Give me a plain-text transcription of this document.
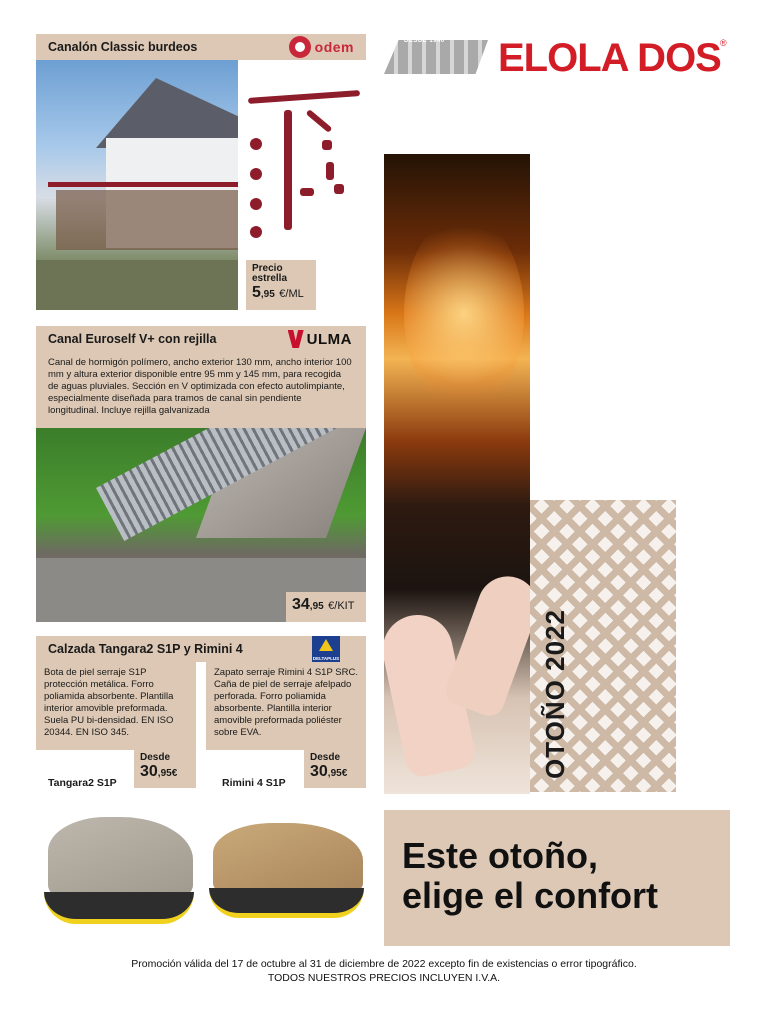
Canalón Classic burdeos	odem
Precio
estrella
5,95 €/ML
Canal Euroself V+ con rejilla	ULMA
Canal de hormigón polímero, ancho exterior 130 mm, ancho interior 100 mm y altura exterior disponible entre 95 mm y 145 mm, para recogida de aguas pluviales. Sección en V optimizada con efecto autolimpiante, especialmente diseñada para tramos de canal sin pendiente longitudinal. Incluye rejilla galvanizada
34,95 €/KIT
Calzada Tangara2 S1P y Rimini 4
DELTAPLUS
Bota de piel serraje S1P protección metálica. Forro poliamida absorbente. Plantilla interior amovible preformada. Suela PU bi-densidad. EN ISO 20344. EN ISO 345.
Zapato serraje Rimini 4 S1P SRC. Caña de piel de serraje afelpado perforada. Forro poliamida absorbente. Plantilla interior amovible preformada poliéster sobre EVA.
Desde
30,95€
Desde
30,95€
Tangara2 S1P	Rimini 4 S1P
DESDE 1940 ELOLA DOS ®
OTOÑO 2022
Este otoño,
elige el confort
Promoción válida del 17 de octubre al 31 de diciembre de 2022 excepto fin de existencias o error tipográfico.
TODOS NUESTROS PRECIOS INCLUYEN I.V.A.
